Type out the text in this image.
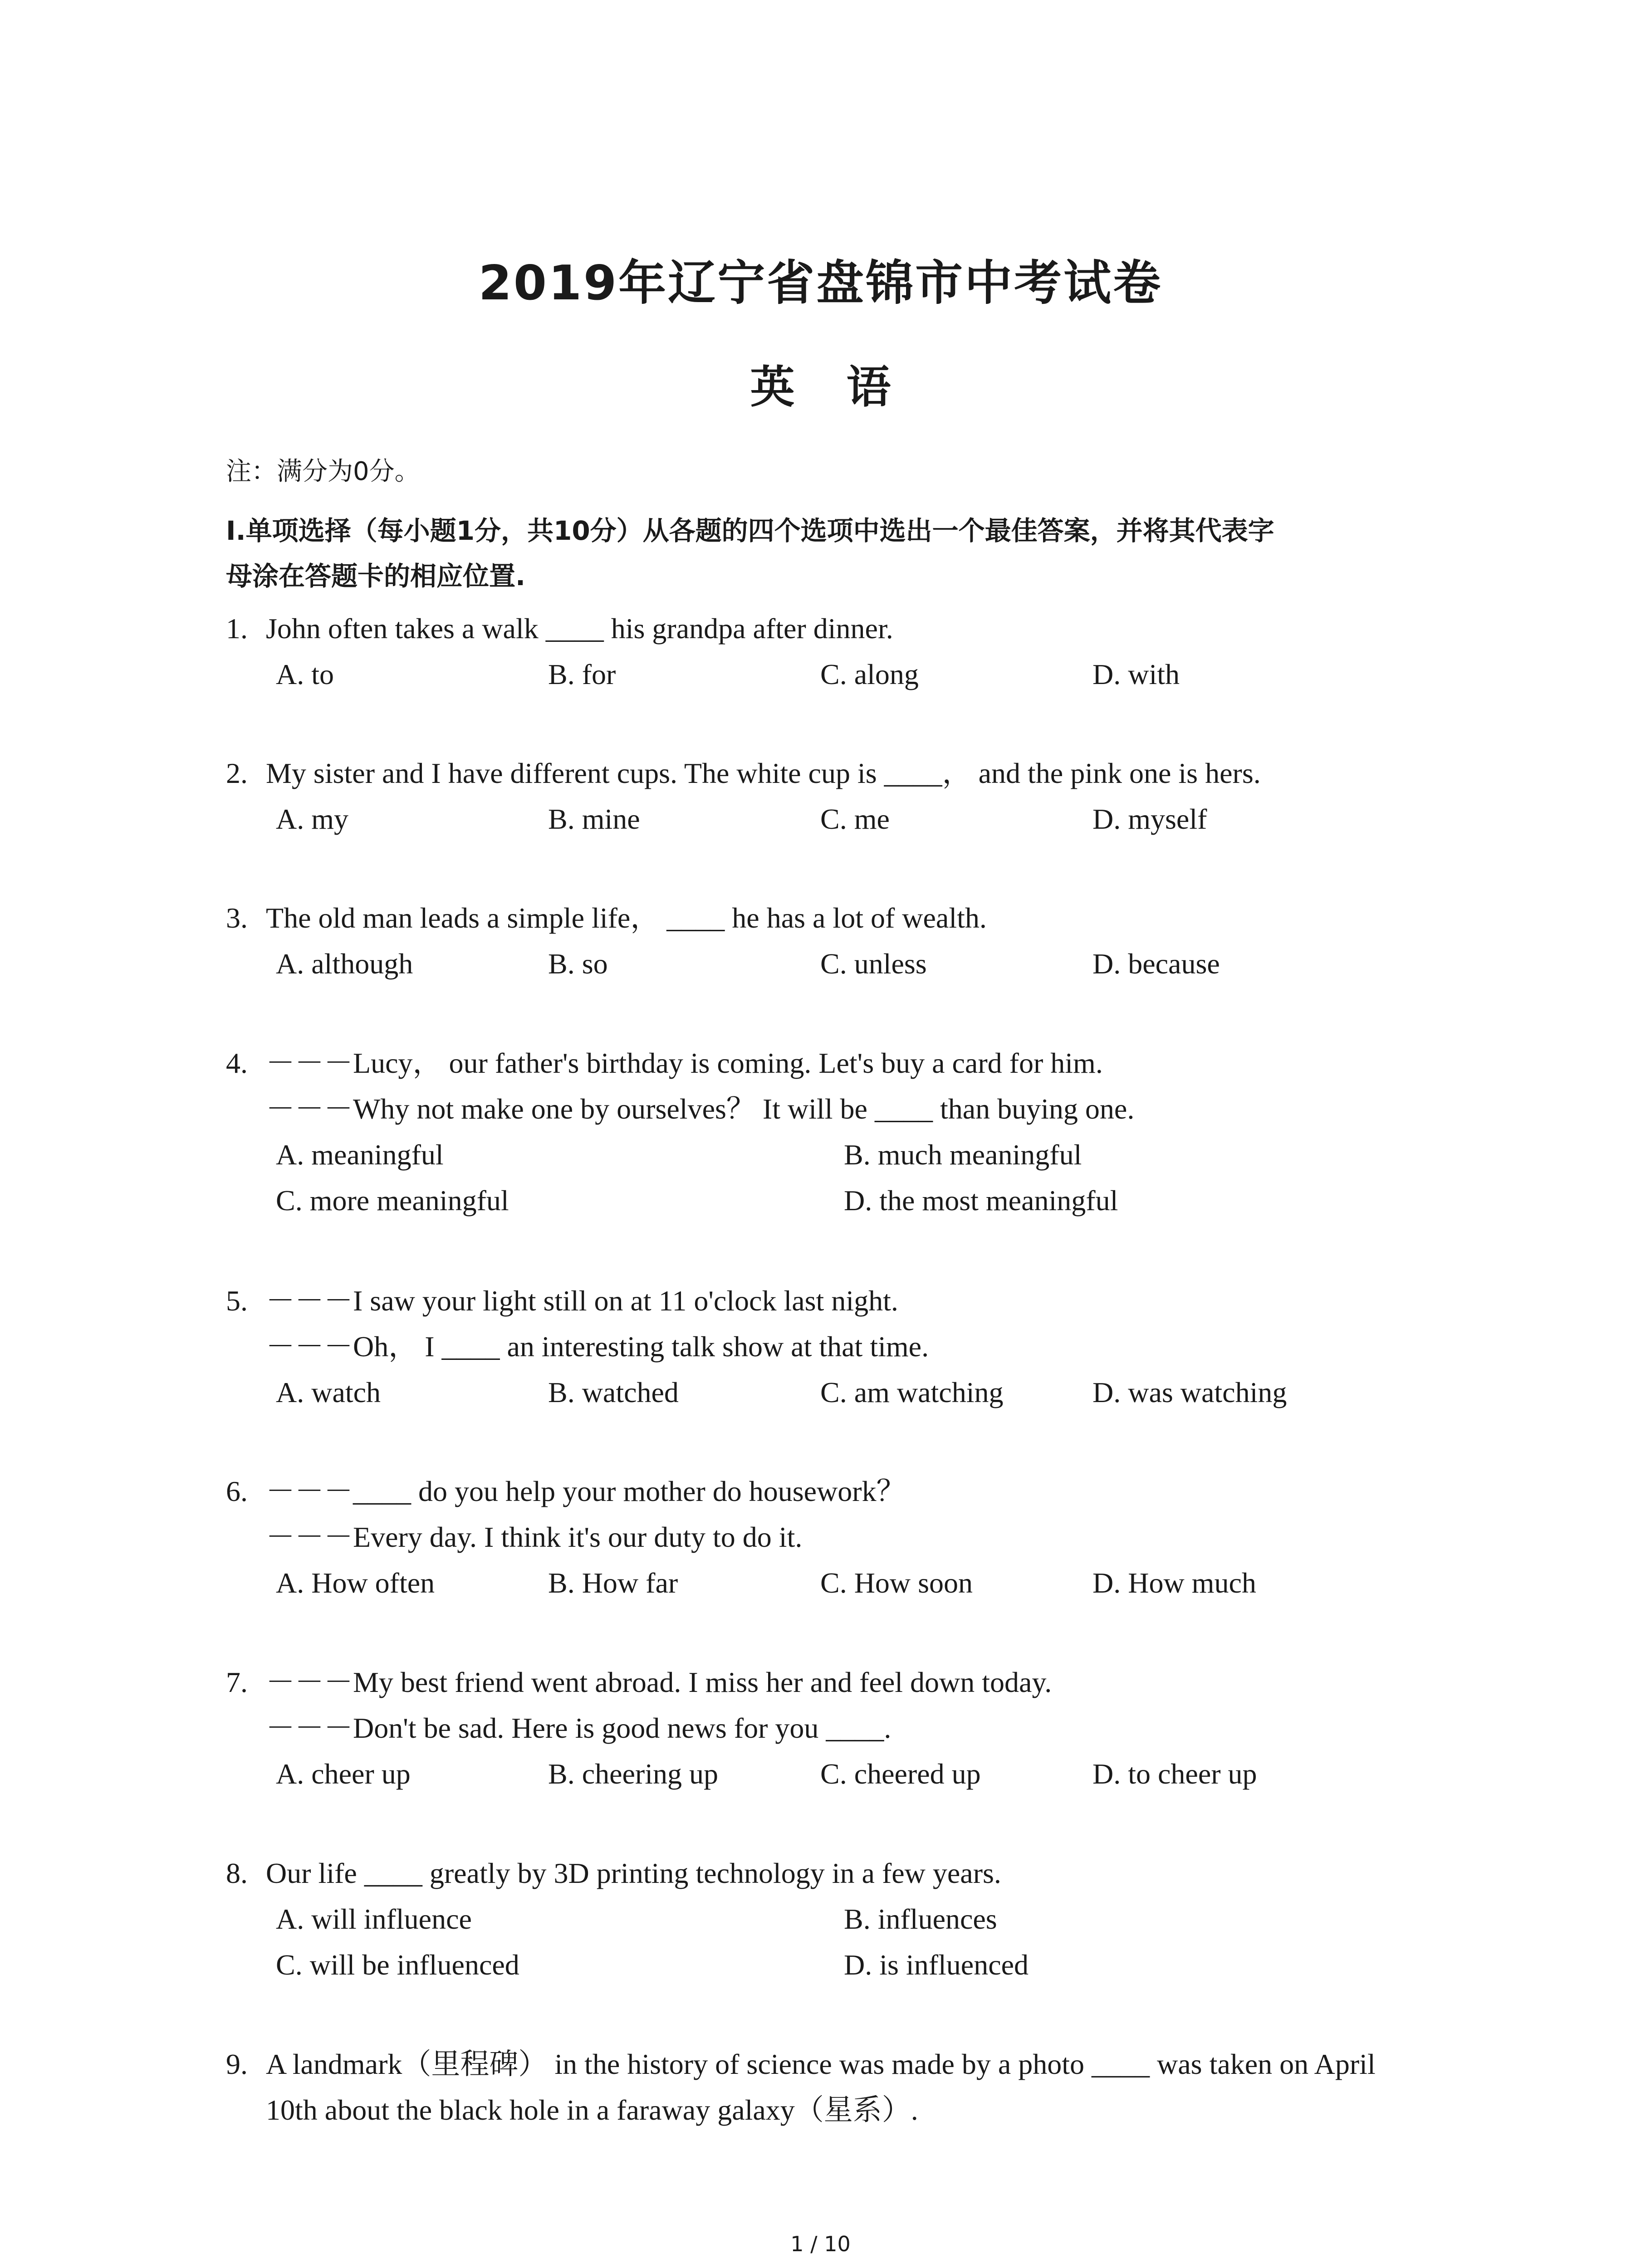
2019年辽宁省盘锦市中考试卷
英 语
注：满分为0分。
Ⅰ.单项选择（每小题1分，共10分）从各题的四个选项中选出一个最佳答案，并将其代表字
母涂在答题卡的相应位置.
1. John often takes a walk ____ his grandpa after dinner.
A. to	B. for	C. along	D. with
2. My sister and I have different cups. The white cup is ____， and the pink one is hers.
A. my	B. mine	C. me	D. myself
3. The old man leads a simple life， ____ he has a lot of wealth.
A. although	B. so	C. unless	D. because
4. －－－Lucy， our father's birthday is coming. Let's buy a card for him.
－－－Why not make one by ourselves？ It will be ____ than buying one.
A. meaningful	B. much meaningful
C. more meaningful	D. the most meaningful
5. －－－I saw your light still on at 11 o'clock last night.
－－－Oh， I ____ an interesting talk show at that time.
A. watch	B. watched	C. am watching	D. was watching
6. －－－____ do you help your mother do housework？
－－－Every day. I think it's our duty to do it.
A. How often	B. How far	C. How soon	D. How much
7. －－－My best friend went abroad. I miss her and feel down today.
－－－Don't be sad. Here is good news for you ____.
A. cheer up	B. cheering up	C. cheered up	D. to cheer up
8. Our life ____ greatly by 3D printing technology in a few years.
A. will influence	B. influences
C. will be influenced	D. is influenced
9. A landmark（里程碑） in the history of science was made by a photo ____ was taken on April
10th about the black hole in a faraway galaxy（星系）.
1 / 10
